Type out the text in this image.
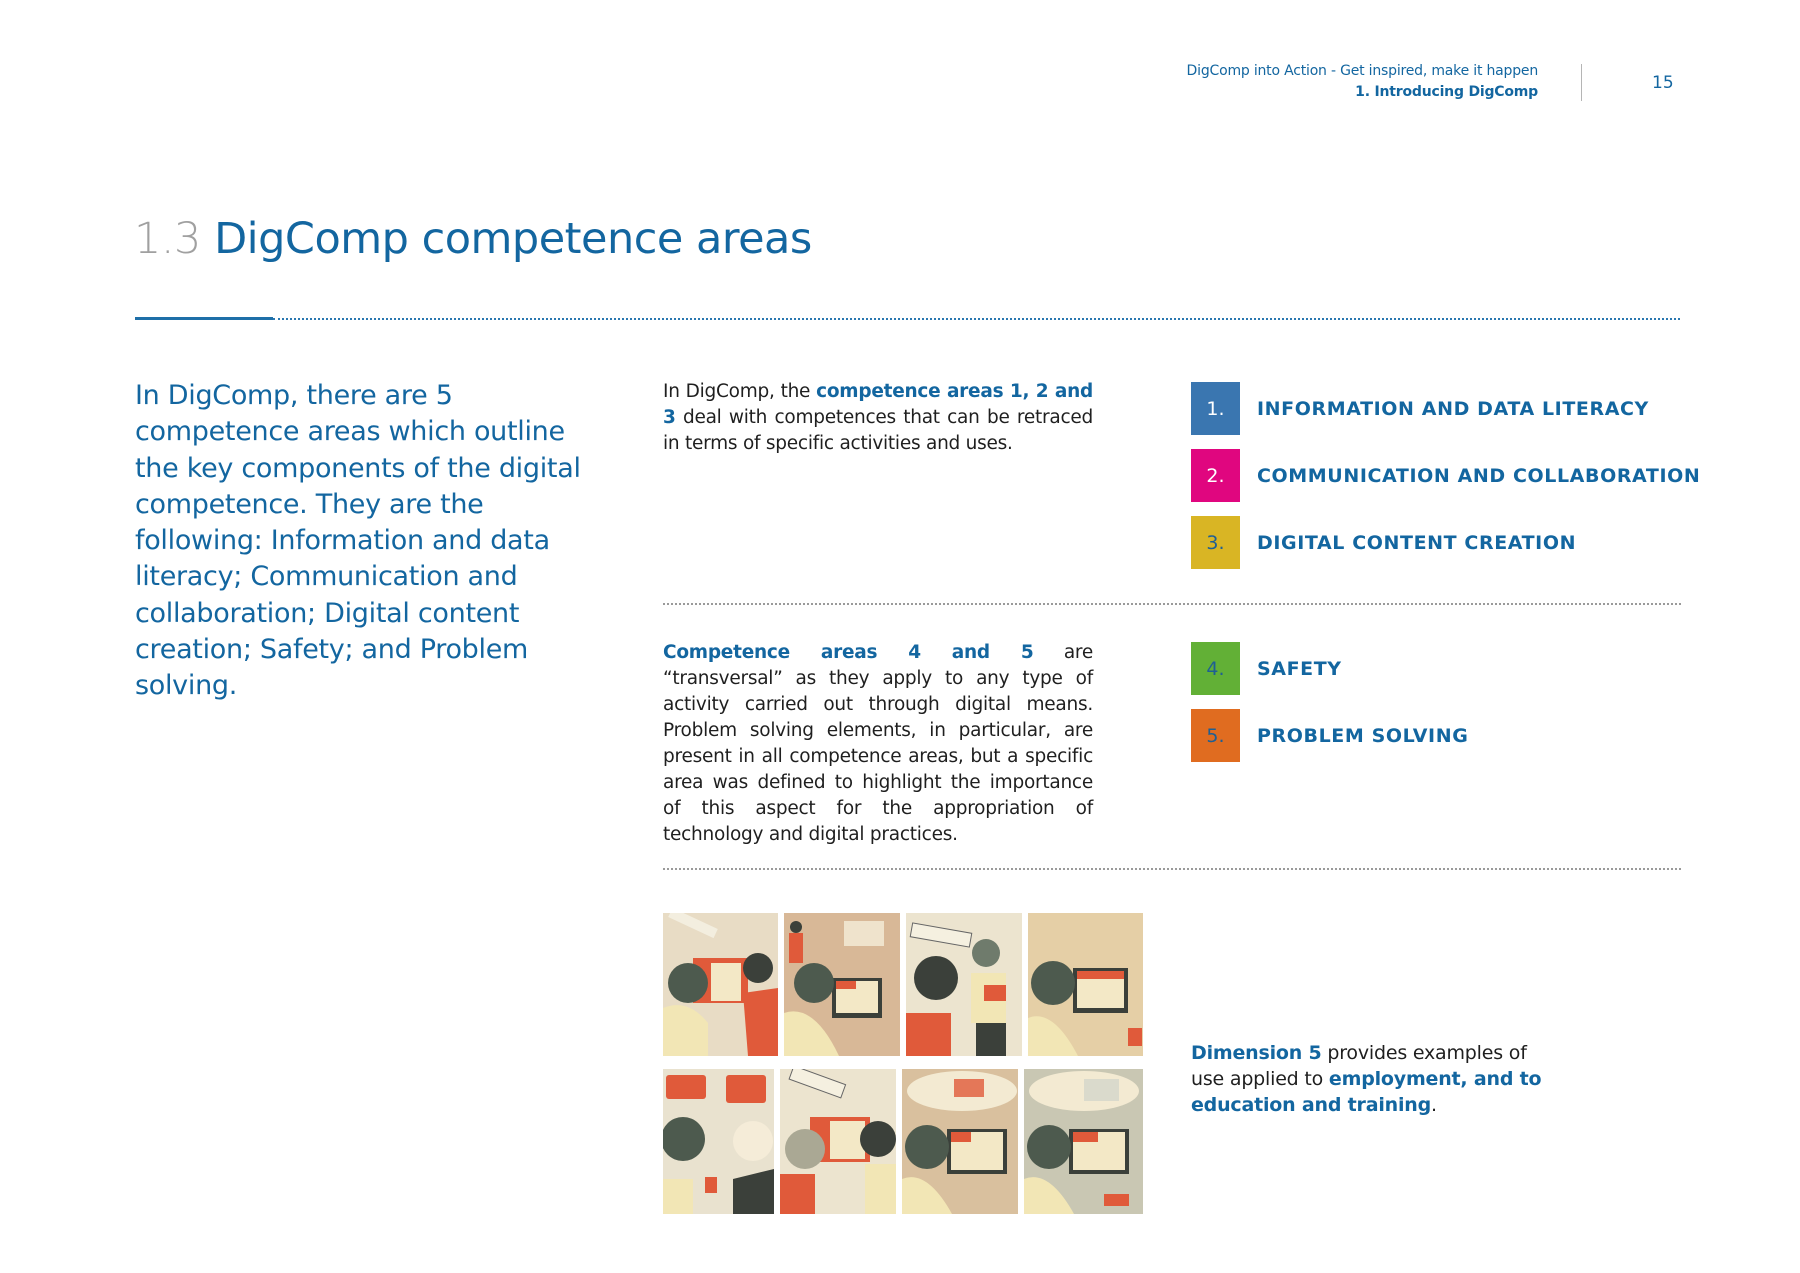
DigComp into Action - Get inspired, make it happen
1. Introducing DigComp	15
1.3 DigComp competence areas
In DigComp, there are 5 competence areas which outline the key components of the digital competence. They are the following: Information and data literacy; Communication and collaboration; Digital content creation; Safety; and Problem solving.
In DigComp, the competence areas 1, 2 and 3 deal with competences that can be retraced in terms of specific activities and uses.
1.	INFORMATION AND DATA LITERACY
2.	COMMUNICATION AND COLLABORATION
3.	DIGITAL CONTENT CREATION
Competence areas 4 and 5 are “transversal” as they apply to any type of activity carried out through digital means. Problem solving elements, in particular, are present in all competence areas, but a specific area was defined to highlight the importance of this aspect for the appropriation of technology and digital practices.
4.	SAFETY
5.	PROBLEM SOLVING
Dimension 5 provides examples of use applied to employment, and to education and training.
